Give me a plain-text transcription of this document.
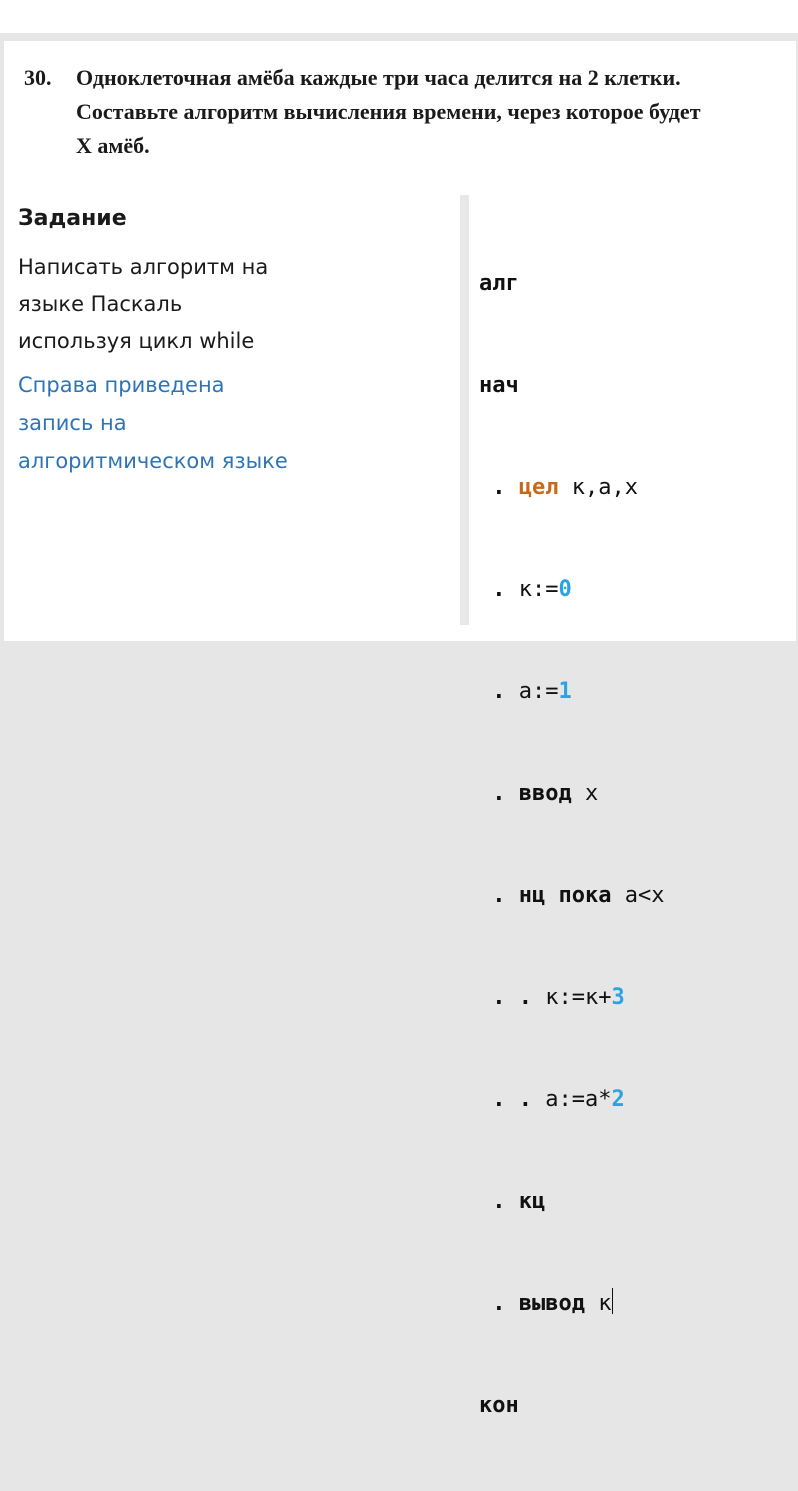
30.	Одноклеточная амёба каждые три часа делится на 2 клетки.
Составьте алгоритм вычисления времени, через которое будет
X амёб.
Задание
Написать алгоритм на
языке Паскаль
используя цикл while
Справа приведена
запись на
алгоритмическом языке

алг

нач

. цел к,а,х

. к:=0

. а:=1

. ввод х

. нц пока а<х

. . к:=к+3

. . а:=а*2

. кц

. вывод к

кон
